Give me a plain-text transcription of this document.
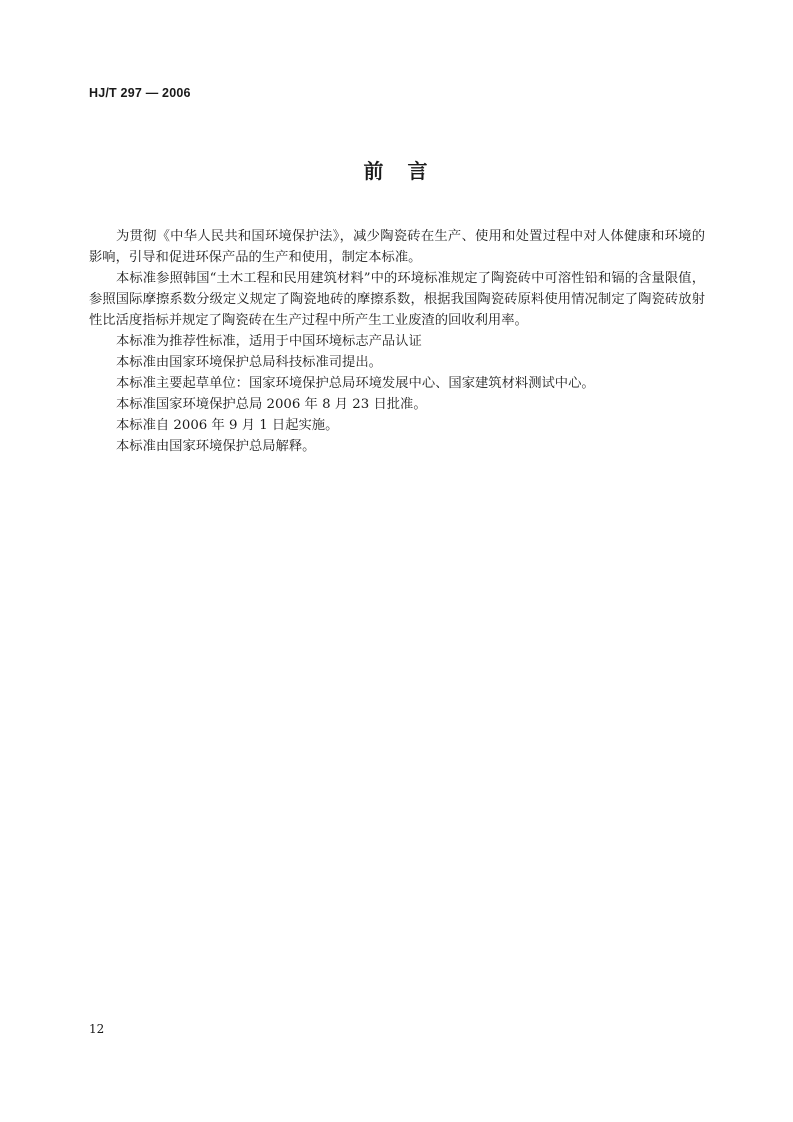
HJ/T 297 — 2006
前　言

为贯彻《中华人民共和国环境保护法》，减少陶瓷砖在生产、使用和处置过程中对人体健康和环境的影响，引导和促进环保产品的生产和使用，制定本标准。

本标准参照韩国“土木工程和民用建筑材料”中的环境标准规定了陶瓷砖中可溶性铅和镉的含量限值，参照国际摩擦系数分级定义规定了陶瓷地砖的摩擦系数，根据我国陶瓷砖原料使用情况制定了陶瓷砖放射性比活度指标并规定了陶瓷砖在生产过程中所产生工业废渣的回收利用率。

本标准为推荐性标准，适用于中国环境标志产品认证

本标准由国家环境保护总局科技标准司提出。

本标准主要起草单位：国家环境保护总局环境发展中心、国家建筑材料测试中心。

本标准国家环境保护总局 2006 年 8 月 23 日批准。

本标准自 2006 年 9 月 1 日起实施。

本标准由国家环境保护总局解释。

12
